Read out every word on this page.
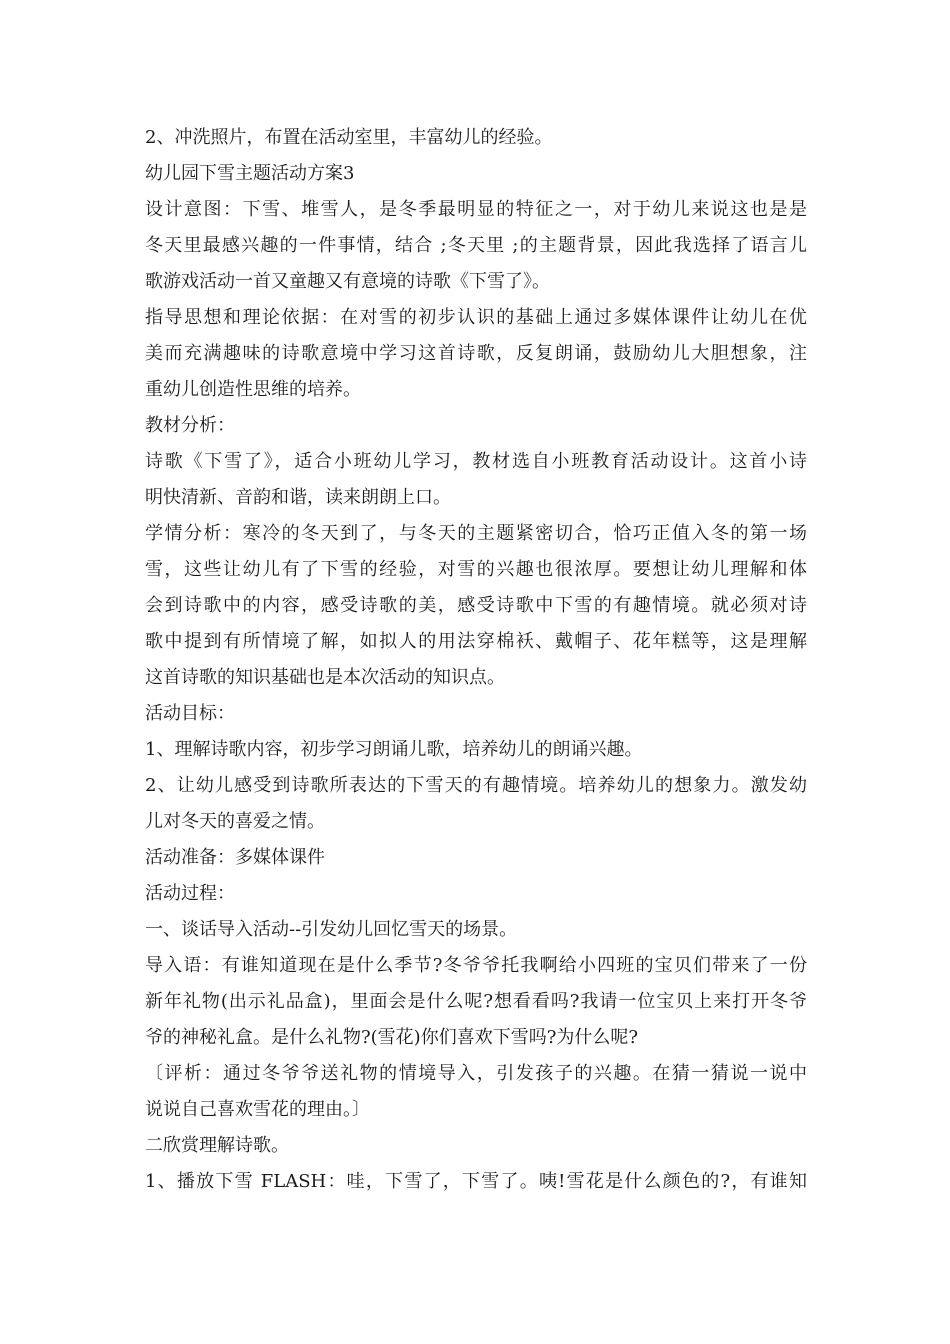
2、冲洗照片，布置在活动室里，丰富幼儿的经验。

幼儿园下雪主题活动方案3

设计意图：下雪、堆雪人，是冬季最明显的特征之一，对于幼儿来说这也是是

冬天里最感兴趣的一件事情，结合 ;冬天里 ;的主题背景，因此我选择了语言儿

歌游戏活动一首又童趣又有意境的诗歌《下雪了》。

指导思想和理论依据：在对雪的初步认识的基础上通过多媒体课件让幼儿在优

美而充满趣味的诗歌意境中学习这首诗歌，反复朗诵，鼓励幼儿大胆想象，注

重幼儿创造性思维的培养。

教材分析：

诗歌《下雪了》，适合小班幼儿学习，教材选自小班教育活动设计。这首小诗

明快清新、音韵和谐，读来朗朗上口。

学情分析：寒冷的冬天到了，与冬天的主题紧密切合，恰巧正值入冬的第一场

雪，这些让幼儿有了下雪的经验，对雪的兴趣也很浓厚。要想让幼儿理解和体

会到诗歌中的内容，感受诗歌的美，感受诗歌中下雪的有趣情境。就必须对诗

歌中提到有所情境了解，如拟人的用法穿棉袄、戴帽子、花年糕等，这是理解

这首诗歌的知识基础也是本次活动的知识点。

活动目标：

1、理解诗歌内容，初步学习朗诵儿歌，培养幼儿的朗诵兴趣。

2、让幼儿感受到诗歌所表达的下雪天的有趣情境。培养幼儿的想象力。激发幼

儿对冬天的喜爱之情。

活动准备：多媒体课件

活动过程：

一、谈话导入活动--引发幼儿回忆雪天的场景。

导入语：有谁知道现在是什么季节?冬爷爷托我啊给小四班的宝贝们带来了一份

新年礼物(出示礼品盒)，里面会是什么呢?想看看吗?我请一位宝贝上来打开冬爷

爷的神秘礼盒。是什么礼物?(雪花)你们喜欢下雪吗?为什么呢?

〔评析：通过冬爷爷送礼物的情境导入，引发孩子的兴趣。在猜一猜说一说中

说说自己喜欢雪花的理由。〕

二欣赏理解诗歌。

1、播放下雪 FLASH：哇，下雪了，下雪了。咦!雪花是什么颜色的?，有谁知
